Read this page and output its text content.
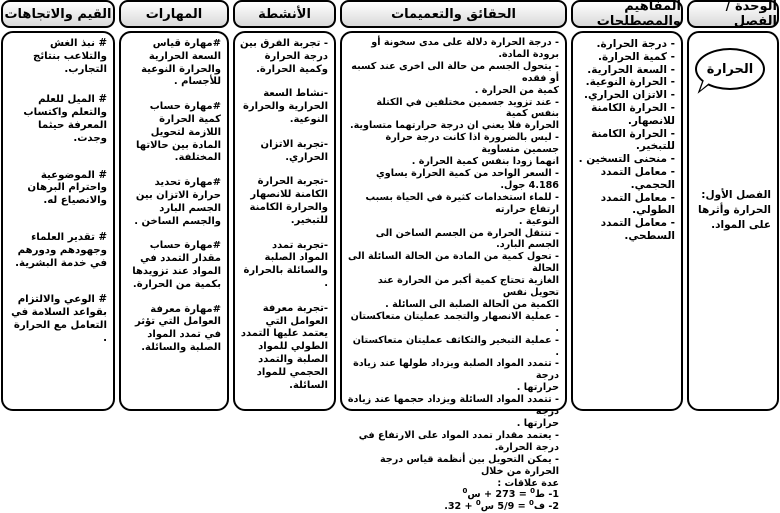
الوحدة / الفصل
المفاهيم والمصطلحات
الحقائق والتعميمات
الأنشطة
المهارات
القيم والاتجاهات

الفصل الأول:

الحرارة وأثرها

على المواد.

الحرارة

- درجة الحرارة.

- كمية الحرارة.

- السعة الحرارية.

- الحرارة النوعية.

- الاتزان الحراري.

- الحرارة الكامنة للانصهار.

- الحرارة الكامنة للتبخير.

- منحنى التسخين .

- معامل التمدد الحجمي.

- معامل التمدد الطولي.

- معامل التمدد السطحي.

- درجة الحرارة دلالة على مدى سخونة أو برودة المادة.

- يتحول الجسم من حالة الى اخرى عند كسبه أو فقده

كمية من الحرارة .

- عند تزويد جسمين مختلفين في الكتلة بنفس كمية

الحرارة فلا يعني ان درجة حرارتهما متساوية.

- ليس بالضرورة اذا كانت درجة حرارة جسمين متساوية

انهما زودا بنفس كمية الحرارة .

- السعر الواحد من كمية الحرارة يساوي 4.186 جول.

- للماء استخدامات كثيرة في الحياة بسبب ارتفاع حرارته

النوعية .

- تنتقل الحرارة من الجسم الساخن الى الجسم البارد.

- تحول كمية من المادة من الحالة السائلة الى الحالة

الغازية تحتاج كمية أكبر من الحرارة عند تحويل نفس

الكمية من الحالة الصلبة الى السائلة .

- عملية الانصهار والتجمد عمليتان متعاكستان .

- عملية التبخير والتكاثف عمليتان متعاكستان .

- تتمدد المواد الصلبة ويزداد طولها عند زيادة درجة

حرارتها .

- تتمدد المواد السائلة ويزداد حجمها عند زيادة درجة

حرارتها .

- يعتمد مقدار تمدد المواد على الارتفاع في درجة الحرارة.

- يمكن التحويل بين أنظمة قياس درجة الحرارة من خلال

عدة علاقات :

1- ط$^0$ = 273 + س$^0$

2- ف$^0$ = 5/9 س$^0$ + 32.

- تجربة الفرق بين درجة الحرارة وكمية الحرارة.

-نشاط السعة الحرارية والحرارة النوعية.

-تجربة الاتزان الحراري.

-تجربة الحرارة الكامنة للانصهار والحرارة الكامنة للتبخير.

-تجربة تمدد المواد الصلبة والسائلة بالحرارة .

-تجربة معرفة العوامل التي يعتمد عليها التمدد الطولي للمواد الصلبة والتمدد الحجمي للمواد السائلة.

#مهارة قياس السعة الحرارية والحرارة النوعية للأجسام .

#مهارة حساب كمية الحرارة اللازمة لتحويل المادة بين حالاتها المختلفة.

#مهارة تحديد حرارة الاتزان بين الجسم البارد والجسم الساخن .

#مهارة حساب مقدار التمدد في المواد عند تزويدها بكمية من الحرارة.

#مهارة معرفة العوامل التي تؤثر في تمدد المواد الصلبة والسائلة.

# نبذ الغش والتلاعب بنتائج التجارب.

# الميل للعلم والتعلم واكتساب المعرفة حيثما وجدت.

# الموضوعية واحترام البرهان والانصياع له.

# تقدير العلماء وجهودهم ودورهم في خدمة البشرية.

# الوعي والالتزام بقواعد السلامة في التعامل مع الحرارة .
